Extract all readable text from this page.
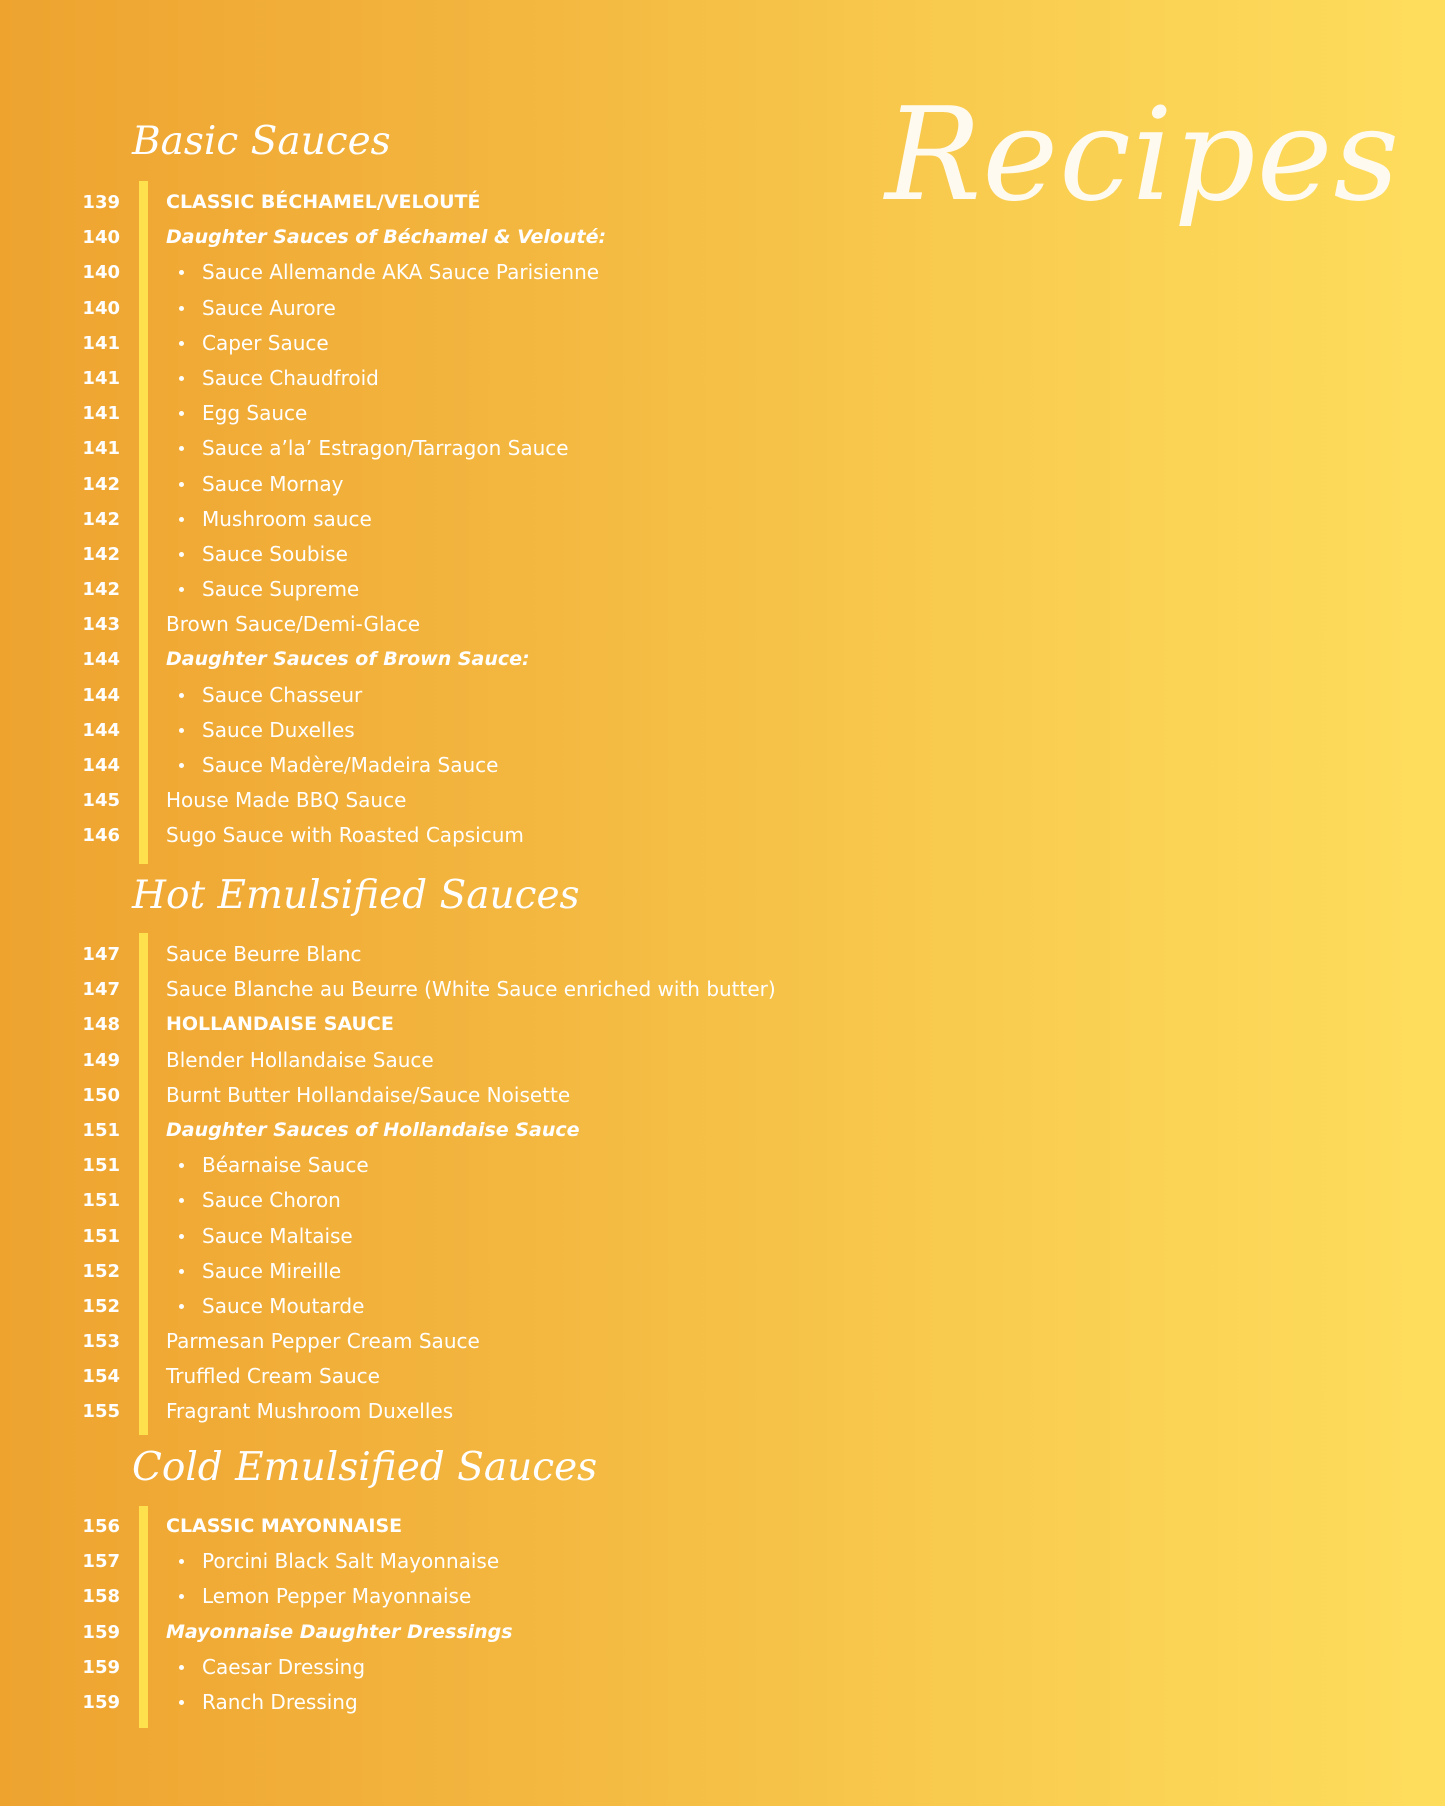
Recipes
Basic Sauces
139 CLASSIC BÉCHAMEL/VELOUTÉ
140 Daughter Sauces of Béchamel & Velouté:
140	Sauce Allemande AKA Sauce Parisienne
140	Sauce Aurore
141	Caper Sauce
141	Sauce Chaudfroid
141	Egg Sauce
141	Sauce a’la’ Estragon/Tarragon Sauce
142	Sauce Mornay
142	Mushroom sauce
142	Sauce Soubise
142	Sauce Supreme
143 Brown Sauce/Demi-Glace
144 Daughter Sauces of Brown Sauce:
144	Sauce Chasseur
144	Sauce Duxelles
144	Sauce Madère/Madeira Sauce
145 House Made BBQ Sauce
146 Sugo Sauce with Roasted Capsicum
Hot Emulsified Sauces
147 Sauce Beurre Blanc
147 Sauce Blanche au Beurre (White Sauce enriched with butter)
148 HOLLANDAISE SAUCE
149 Blender Hollandaise Sauce
150 Burnt Butter Hollandaise/Sauce Noisette
151 Daughter Sauces of Hollandaise Sauce
151	Béarnaise Sauce
151	Sauce Choron
151	Sauce Maltaise
152	Sauce Mireille
152	Sauce Moutarde
153 Parmesan Pepper Cream Sauce
154 Truffled Cream Sauce
155 Fragrant Mushroom Duxelles
Cold Emulsified Sauces
156 CLASSIC MAYONNAISE
157	Porcini Black Salt Mayonnaise
158	Lemon Pepper Mayonnaise
159 Mayonnaise Daughter Dressings
159	Caesar Dressing
159	Ranch Dressing
